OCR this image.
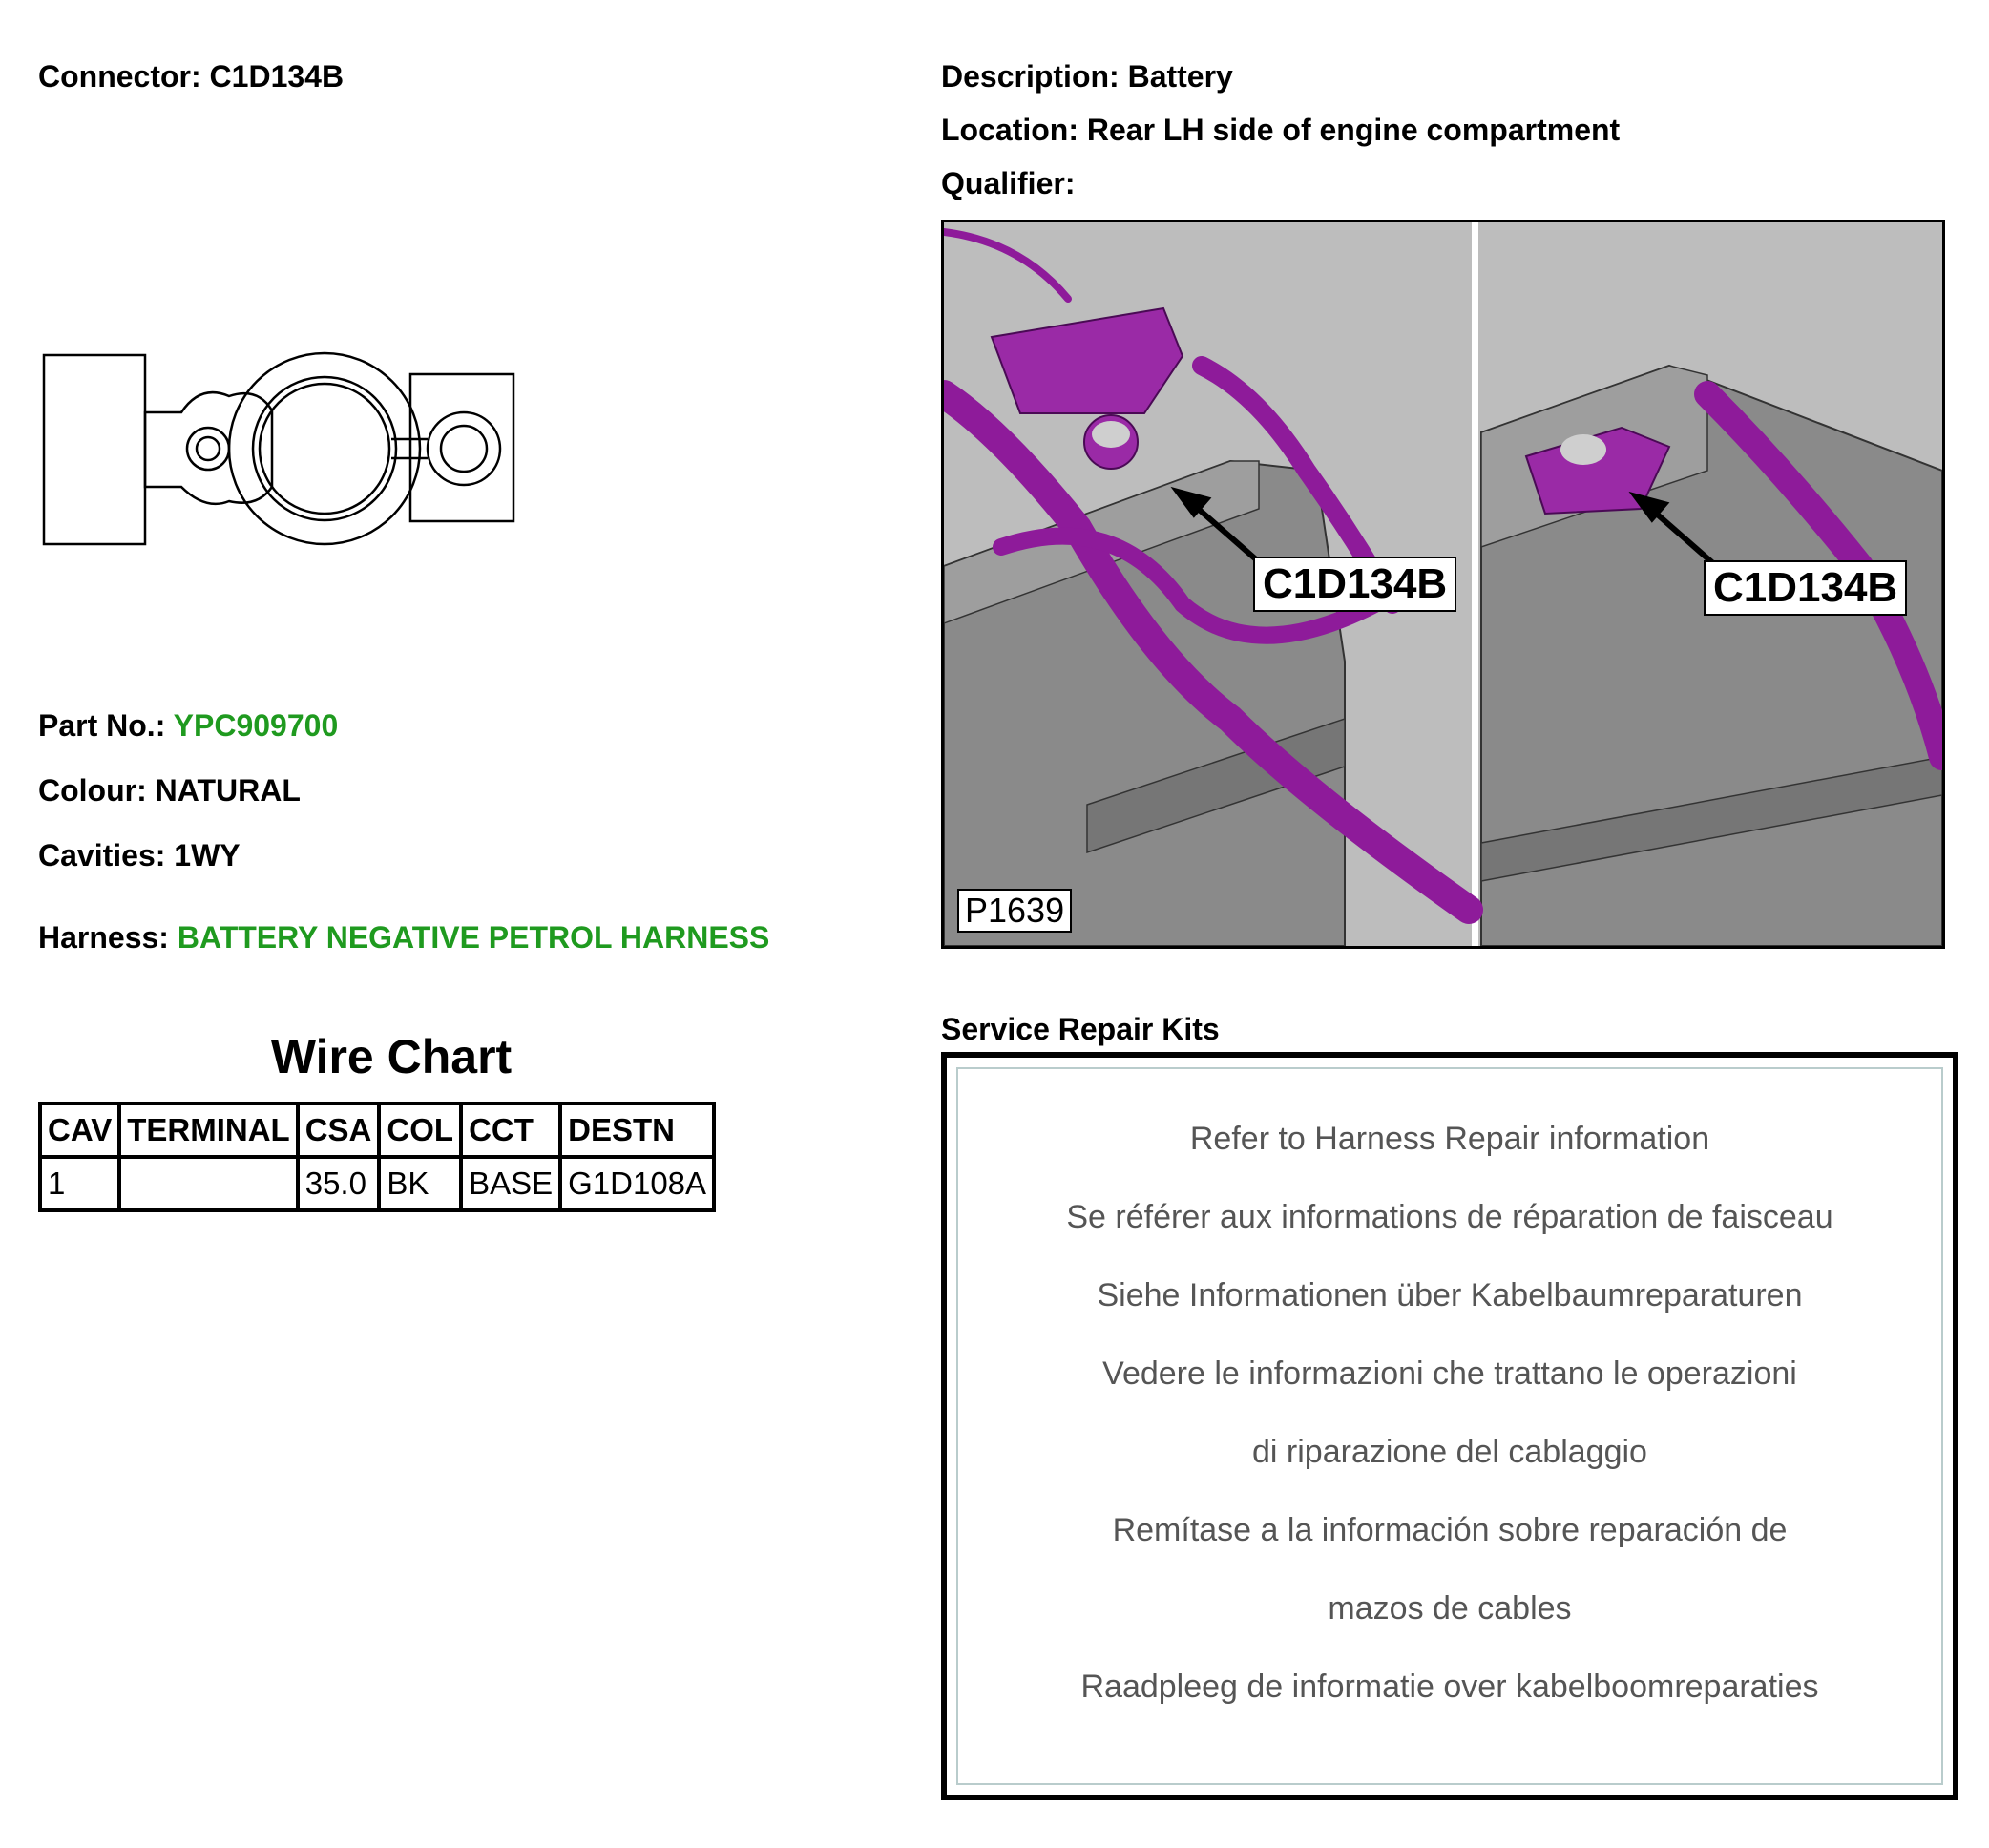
Connector: C1D134B
Part No.: YPC909700
Colour: NATURAL
Cavities: 1WY
Harness: BATTERY NEGATIVE PETROL HARNESS
Wire Chart
CAV	TERMINAL	CSA	COL	CCT	DESTN
1		35.0	BK	BASE	G1D108A
Description: Battery
Location: Rear LH side of engine compartment
Qualifier:
C1D134B	C1D134B
P1639
Service Repair Kits
Refer to Harness Repair information
Se référer aux informations de réparation de faisceau
Siehe Informationen über Kabelbaumreparaturen
Vedere le informazioni che trattano le operazioni
di riparazione del cablaggio
Remítase a la información sobre reparación de
mazos de cables
Raadpleeg de informatie over kabelboomreparaties
